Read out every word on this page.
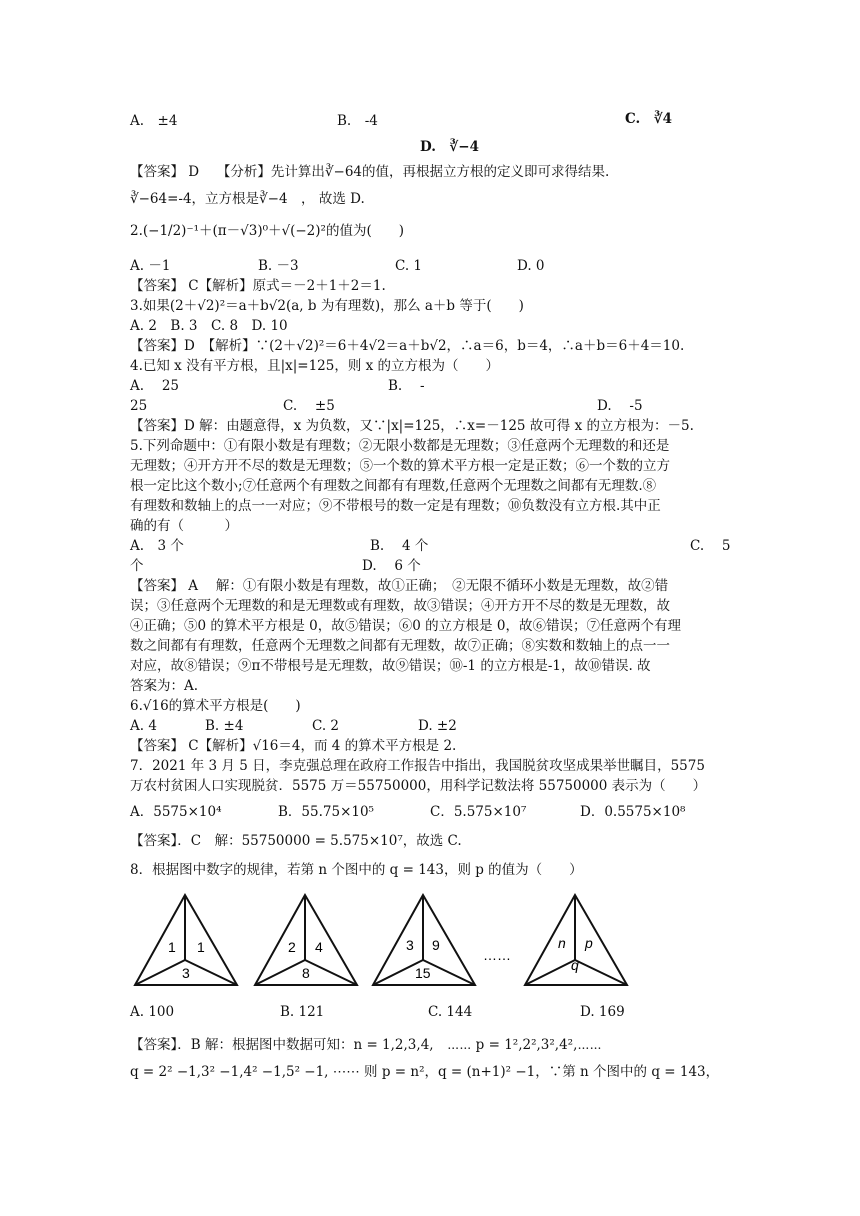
A.　±4	B.　-4	C.　∛4
D.　∛−4
【答案】 D　 【分析】先计算出∛−64的值，再根据立方根的定义即可求得结果.
∛−64=-4，立方根是∛−4　， 故选 D.
2.(−1/2)⁻¹＋(π－√3)⁰＋√(−2)²的值为(　　)
A. －1	B. －3	C. 1	D. 0
【答案】 C【解析】原式＝－2＋1＋2＝1.
3.如果(2＋√2)²＝a＋b√2(a, b 为有理数)，那么 a＋b 等于(　　)
A. 2　B. 3　C. 8　D. 10
【答案】D　【解析】∵(2＋√2)²＝6＋4√2＝a＋b√2，∴a＝6，b＝4，∴a＋b＝6＋4＝10.
4.已知 x 没有平方根，且|x|=125，则 x 的立方根为（　　）
A.　 25	B.　 -
25	C.　 ±5	D.　 -5
【答案】D 解：由题意得，x 为负数，又∵|x|=125，∴x=－125 故可得 x 的立方根为：－5.
5.下列命题中：①有限小数是有理数；②无限小数都是无理数；③任意两个无理数的和还是
无理数；④开方开不尽的数是无理数；⑤一个数的算术平方根一定是正数；⑥一个数的立方
根一定比这个数小;⑦任意两个有理数之间都有有理数,任意两个无理数之间都有无理数.⑧
有理数和数轴上的点一一对应；⑨不带根号的数一定是有理数；⑩负数没有立方根.其中正
确的有（　　　）
A.　3 个	B.　 4 个	C.　 5
个	D.　 6 个
【答案】 A　 解：①有限小数是有理数，故①正确；　②无限不循环小数是无理数，故②错
误；③任意两个无理数的和是无理数或有理数，故③错误；④开方开不尽的数是无理数，故
④正确；⑤0 的算术平方根是 0，故⑤错误；⑥0 的立方根是 0，故⑥错误；⑦任意两个有理
数之间都有有理数，任意两个无理数之间都有无理数，故⑦正确；⑧实数和数轴上的点一一
对应，故⑧错误；⑨π不带根号是无理数，故⑨错误；⑩-1 的立方根是-1，故⑩错误. 故
答案为：A.
6.√16的算术平方根是(　　)
A. 4	B. ±4	C. 2	D. ±2
【答案】 C【解析】√16＝4，而 4 的算术平方根是 2.
7．2021 年 3 月 5 日，李克强总理在政府工作报告中指出，我国脱贫攻坚成果举世瞩目，5575
万农村贫困人口实现脱贫．5575 万＝55750000，用科学记数法将 55750000 表示为（　　）
A．5575×10⁴	B．55.75×10⁵	C．5.575×10⁷	D．0.5575×10⁸
【答案】．C　解：55750000 = 5.575×10⁷，故选 C.
8．根据图中数字的规律，若第 n 个图中的 q = 143，则 p 的值为（　　）
1 1
3
2 4
8
3 9
15
……
n p
q
A. 100	B. 121	C. 144	D. 169
【答案】．B 解：根据图中数据可知：n = 1,2,3,4,　⋯⋯ p = 1²,2²,3²,4²,⋯⋯
q = 2² −1,3² −1,4² −1,5² −1, ⋯⋯ 则 p = n²，q = (n+1)² −1，∵第 n 个图中的 q = 143，
